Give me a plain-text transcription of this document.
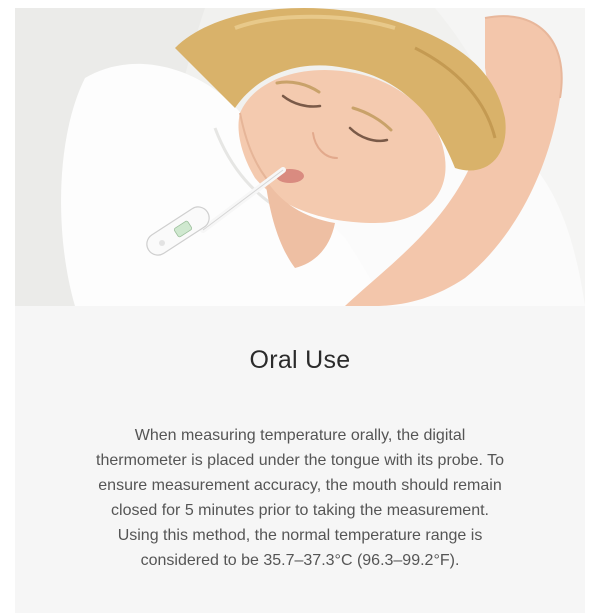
Oral Use

When measuring temperature orally, the digital thermometer is placed under the tongue with its probe. To ensure measurement accuracy, the mouth should remain closed for 5 minutes prior to taking the measurement. Using this method, the normal temperature range is considered to be 35.7–37.3°C (96.3–99.2°F).
